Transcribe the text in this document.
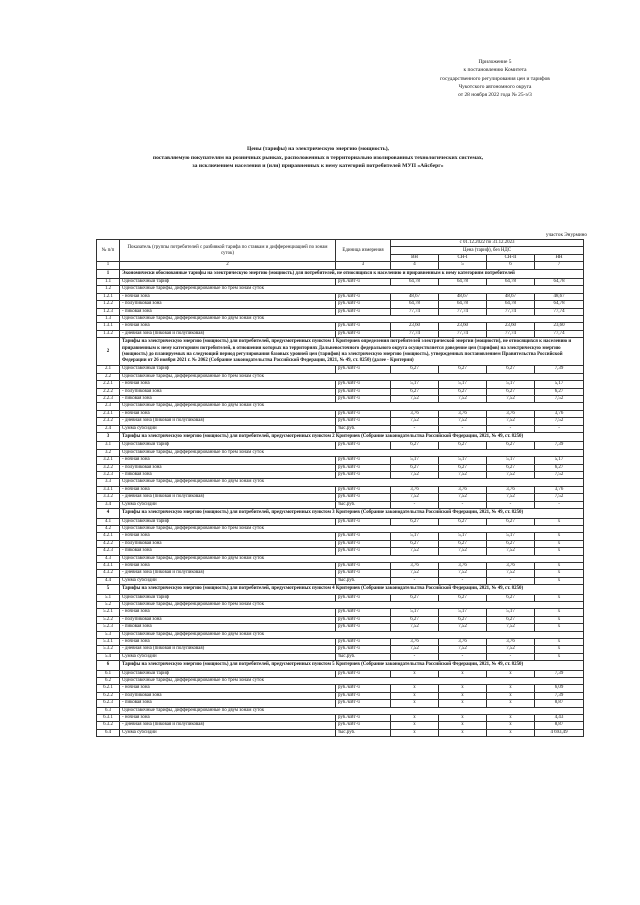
Приложение 5
к постановлению Комитета
государственного регулирования цен и тарифов
Чукотского автономного округа
от 28 ноября 2022 года № 25-э/3
Цены (тарифы) на электрическую энергию (мощность),
поставляемую покупателям на розничных рынках, расположенных в территориально изолированных технологических системах,
за исключением населения и (или) приравненных к нему категорий потребителей МУП «Айсберг»
участок Энурмино
№ п/п	Показатель (группы потребителей с разбивкой тарифа по ставкам и дифференциацией по зонам суток)	Единица измерения	с 01.12.2022 по 31.12.2023			
			Цена (тариф), без НДС			
			ВН	СН-I	СН-II	НН
1	2	3	4	5	6	7
1	Экономически обоснованные тарифы на электрическую энергию (мощность) для потребителей, не относящихся к населению и приравненным к нему категориям потребителей					
1.1	Одноставочный тариф	руб./кВт·ч	64,78	64,78	64,78	64,78
1.2	Одноставочные тарифы, дифференцированные по трем зонам суток					
1.2.1	- ночная зона	руб./кВт·ч	48,67	48,67	48,67	48,67
1.2.2	- полупиковая зона	руб./кВт·ч	64,78	64,78	64,78	64,78
1.2.3	- пиковая зона	руб./кВт·ч	77,74	77,74	77,74	77,74
1.3	Одноставочные тарифы, дифференцированные по двум зонам суток					
1.3.1	- ночная зона	руб./кВт·ч	23,60	23,60	23,60	23,60
1.3.2	- дневная зона (пиковая и полупиковая)	руб./кВт·ч	77,74	77,74	77,74	77,74
2	Тарифы на электрическую энергию (мощность) для потребителей, предусмотренных пунктом 1 Критериев определения потребителей электрической энергии (мощности), не относящихся к населению и приравненным к нему категориям потребителей, в отношении которых на территориях Дальневосточного федерального округа осуществляется доведение цен (тарифов) на электрическую энергию (мощность) до планируемых на следующий период регулирования базовых уровней цен (тарифов) на электрическую энергию (мощность), утвержденных постановлением Правительства Российской Федерации от 26 ноября 2021 г. № 2062 (Собрание законодательства Российской Федерации, 2021, № 49, ст. 8250) (далее - Критерии)					
2.1	Одноставочный тариф	руб./кВт·ч	6,27	6,27	6,27	7,39
2.2	Одноставочные тарифы, дифференцированные по трем зонам суток					
2.2.1	- ночная зона	руб./кВт·ч	5,17	5,17	5,17	5,17
2.2.2	- полупиковая зона	руб./кВт·ч	6,27	6,27	6,27	6,27
2.2.3	- пиковая зона	руб./кВт·ч	7,52	7,52	7,52	7,52
2.3	Одноставочные тарифы, дифференцированные по двум зонам суток					
2.3.1	- ночная зона	руб./кВт·ч	3,76	3,76	3,76	3,76
2.3.2	- дневная зона (пиковая и полупиковая)	руб./кВт·ч	7,52	7,52	7,52	7,52
2.4	Сумма субсидий	тыс.руб.	-	-	-	-
3	Тарифы на электрическую энергию (мощность) для потребителей, предусмотренных пунктом 2 Критериев (Собрание законодательства Российской Федерации, 2021, № 49, ст. 8250)					
3.1	Одноставочный тариф	руб./кВт·ч	6,27	6,27	6,27	7,39
3.2	Одноставочные тарифы, дифференцированные по трем зонам суток					
3.2.1	- ночная зона	руб./кВт·ч	5,17	5,17	5,17	5,17
3.2.2	- полупиковая зона	руб./кВт·ч	6,27	6,27	6,27	6,27
3.2.3	- пиковая зона	руб./кВт·ч	7,52	7,52	7,52	7,52
3.3	Одноставочные тарифы, дифференцированные по двум зонам суток					
3.3.1	- ночная зона	руб./кВт·ч	3,76	3,76	3,76	3,76
3.3.2	- дневная зона (пиковая и полупиковая)	руб./кВт·ч	7,52	7,52	7,52	7,52
3.4	Сумма субсидий	тыс.руб.	-	-	-	-
4	Тарифы на электрическую энергию (мощность) для потребителей, предусмотренных пунктом 3 Критериев (Собрание законодательства Российской Федерации, 2021, № 49, ст. 8250)					
4.1	Одноставочный тариф	руб./кВт·ч	6,27	6,27	6,27	x
4.2	Одноставочные тарифы, дифференцированные по трем зонам суток					
4.2.1	- ночная зона	руб./кВт·ч	5,17	5,17	5,17	x
4.2.2	- полупиковая зона	руб./кВт·ч	6,27	6,27	6,27	x
4.2.3	- пиковая зона	руб./кВт·ч	7,52	7,52	7,52	x
4.3	Одноставочные тарифы, дифференцированные по двум зонам суток					
4.3.1	- ночная зона	руб./кВт·ч	3,76	3,76	3,76	x
4.3.2	- дневная зона (пиковая и полупиковая)	руб./кВт·ч	7,52	7,52	7,52	x
4.4	Сумма субсидий	тыс.руб.	-	-	-	x
5	Тарифы на электрическую энергию (мощность) для потребителей, предусмотренных пунктом 4 Критериев (Собрание законодательства Российской Федерации, 2021, № 49, ст. 8250)					
5.1	Одноставочный тариф	руб./кВт·ч	6,27	6,27	6,27	x
5.2	Одноставочные тарифы, дифференцированные по трем зонам суток					
5.2.1	- ночная зона	руб./кВт·ч	5,17	5,17	5,17	x
5.2.2	- полупиковая зона	руб./кВт·ч	6,27	6,27	6,27	x
5.2.3	- пиковая зона	руб./кВт·ч	7,52	7,52	7,52	x
5.3	Одноставочные тарифы, дифференцированные по двум зонам суток					
5.3.1	- ночная зона	руб./кВт·ч	3,76	3,76	3,76	x
5.3.2	- дневная зона (пиковая и полупиковая)	руб./кВт·ч	7,52	7,52	7,52	x
5.4	Сумма субсидий	тыс.руб.	-	-	-	x
6	Тарифы на электрическую энергию (мощность) для потребителей, предусмотренных пунктом 5 Критериев (Собрание законодательства Российской Федерации, 2021, № 49, ст. 8250)					
6.1	Одноставочный тариф	руб./кВт·ч	x	x	x	7,39
6.2	Одноставочные тарифы, дифференцированные по трем зонам суток					
6.2.1	- ночная зона	руб./кВт·ч	x	x	x	6,09
6.2.2	- полупиковая зона	руб./кВт·ч	x	x	x	7,39
6.2.3	- пиковая зона	руб./кВт·ч	x	x	x	8,87
6.3	Одноставочные тарифы, дифференцированные по двум зонам суток					
6.3.1	- ночная зона	руб./кВт·ч	x	x	x	4,43
6.3.2	- дневная зона (пиковая и полупиковая)	руб./кВт·ч	x	x	x	8,87
6.4	Сумма субсидий	тыс.руб.	x	x	x	4 693,49
